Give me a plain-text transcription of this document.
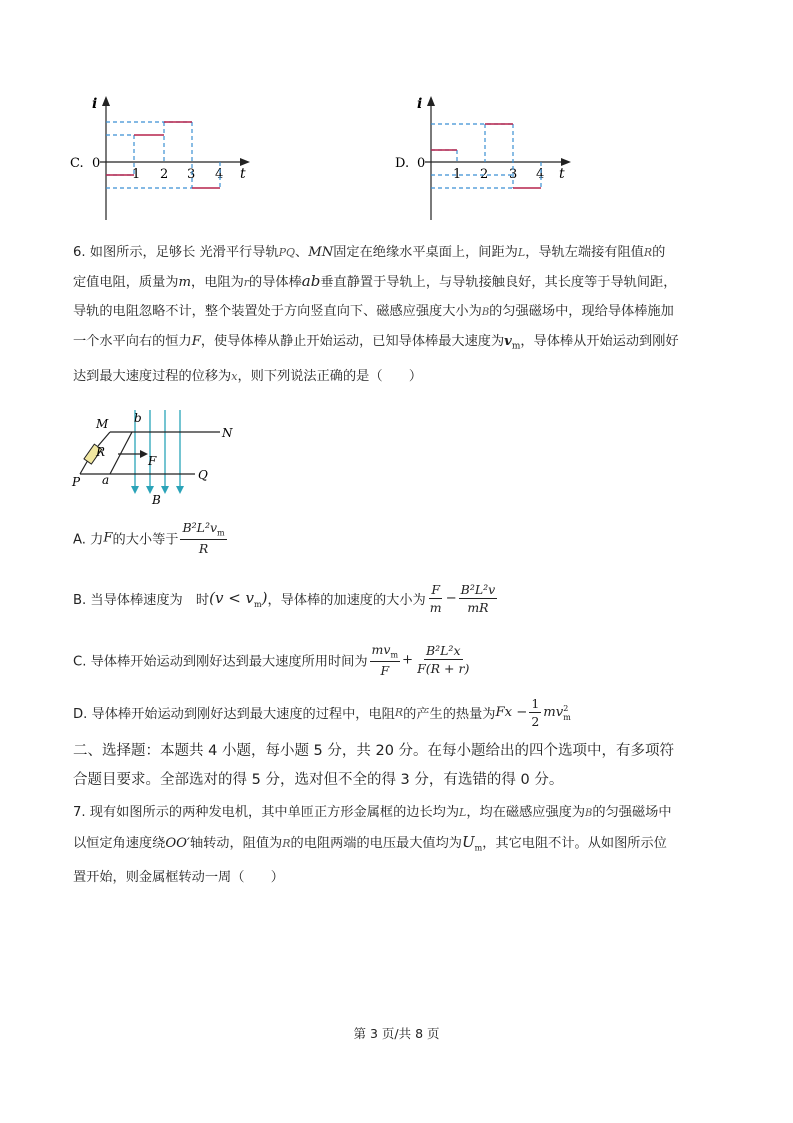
C.
i
t
0
1 2 3 4
D.
i
t
0
1 2 3 4
6. 如图所示，足够长 光滑平行导轨PQ、MN固定在绝缘水平桌面上，间距为L，导轨左端接有阻值R的
定值电阻，质量为m，电阻为r的导体棒ab垂直静置于导轨上，与导轨接触良好，其长度等于导轨间距，
导轨的电阻忽略不计，整个装置处于方向竖直向下、磁感应强度大小为B的匀强磁场中，现给导体棒施加
一个水平向右的恒力F，使导体棒从静止开始运动，已知导体棒最大速度为$v_m$，导体棒从开始运动到刚好
达到最大速度过程的位移为x，则下列说法正确的是（　　）
M
N
P	Q
a
b
R
F
B
A. 力F的大小等于 $\frac{B^2L^2v_m}{R}$
B. 当导体棒速度为　时$(v < v_m)$，导体棒的加速度的大小为 $\frac{F}{m} - \frac{\text{B²L²v}}{mR}$
C. 导体棒开始运动到刚好达到最大速度所用时间为 $\frac{mv_m}{F} + \frac{\text{B²L²x}}{F(R + r)}$
D. 导体棒开始运动到刚好达到最大速度的过程中，电阻R的产生的热量为$Fx - \frac{1}{2}$ mv 2
m
二、选择题：本题共 4 小题，每小题 5 分，共 20 分。在每小题给出的四个选项中，有多项符
合题目要求。全部选对的得 5 分，选对但不全的得 3 分，有选错的得 0 分。
7. 现有如图所示的两种发电机，其中单匝正方形金属框的边长均为L，均在磁感应强度为B的匀强磁场中
以恒定角速度绕OO′轴转动，阻值为R的电阻两端的电压最大值均为$U_m$，其它电阻不计。从如图所示位
置开始，则金属框转动一周（　　）
第 3 页/共 8 页
